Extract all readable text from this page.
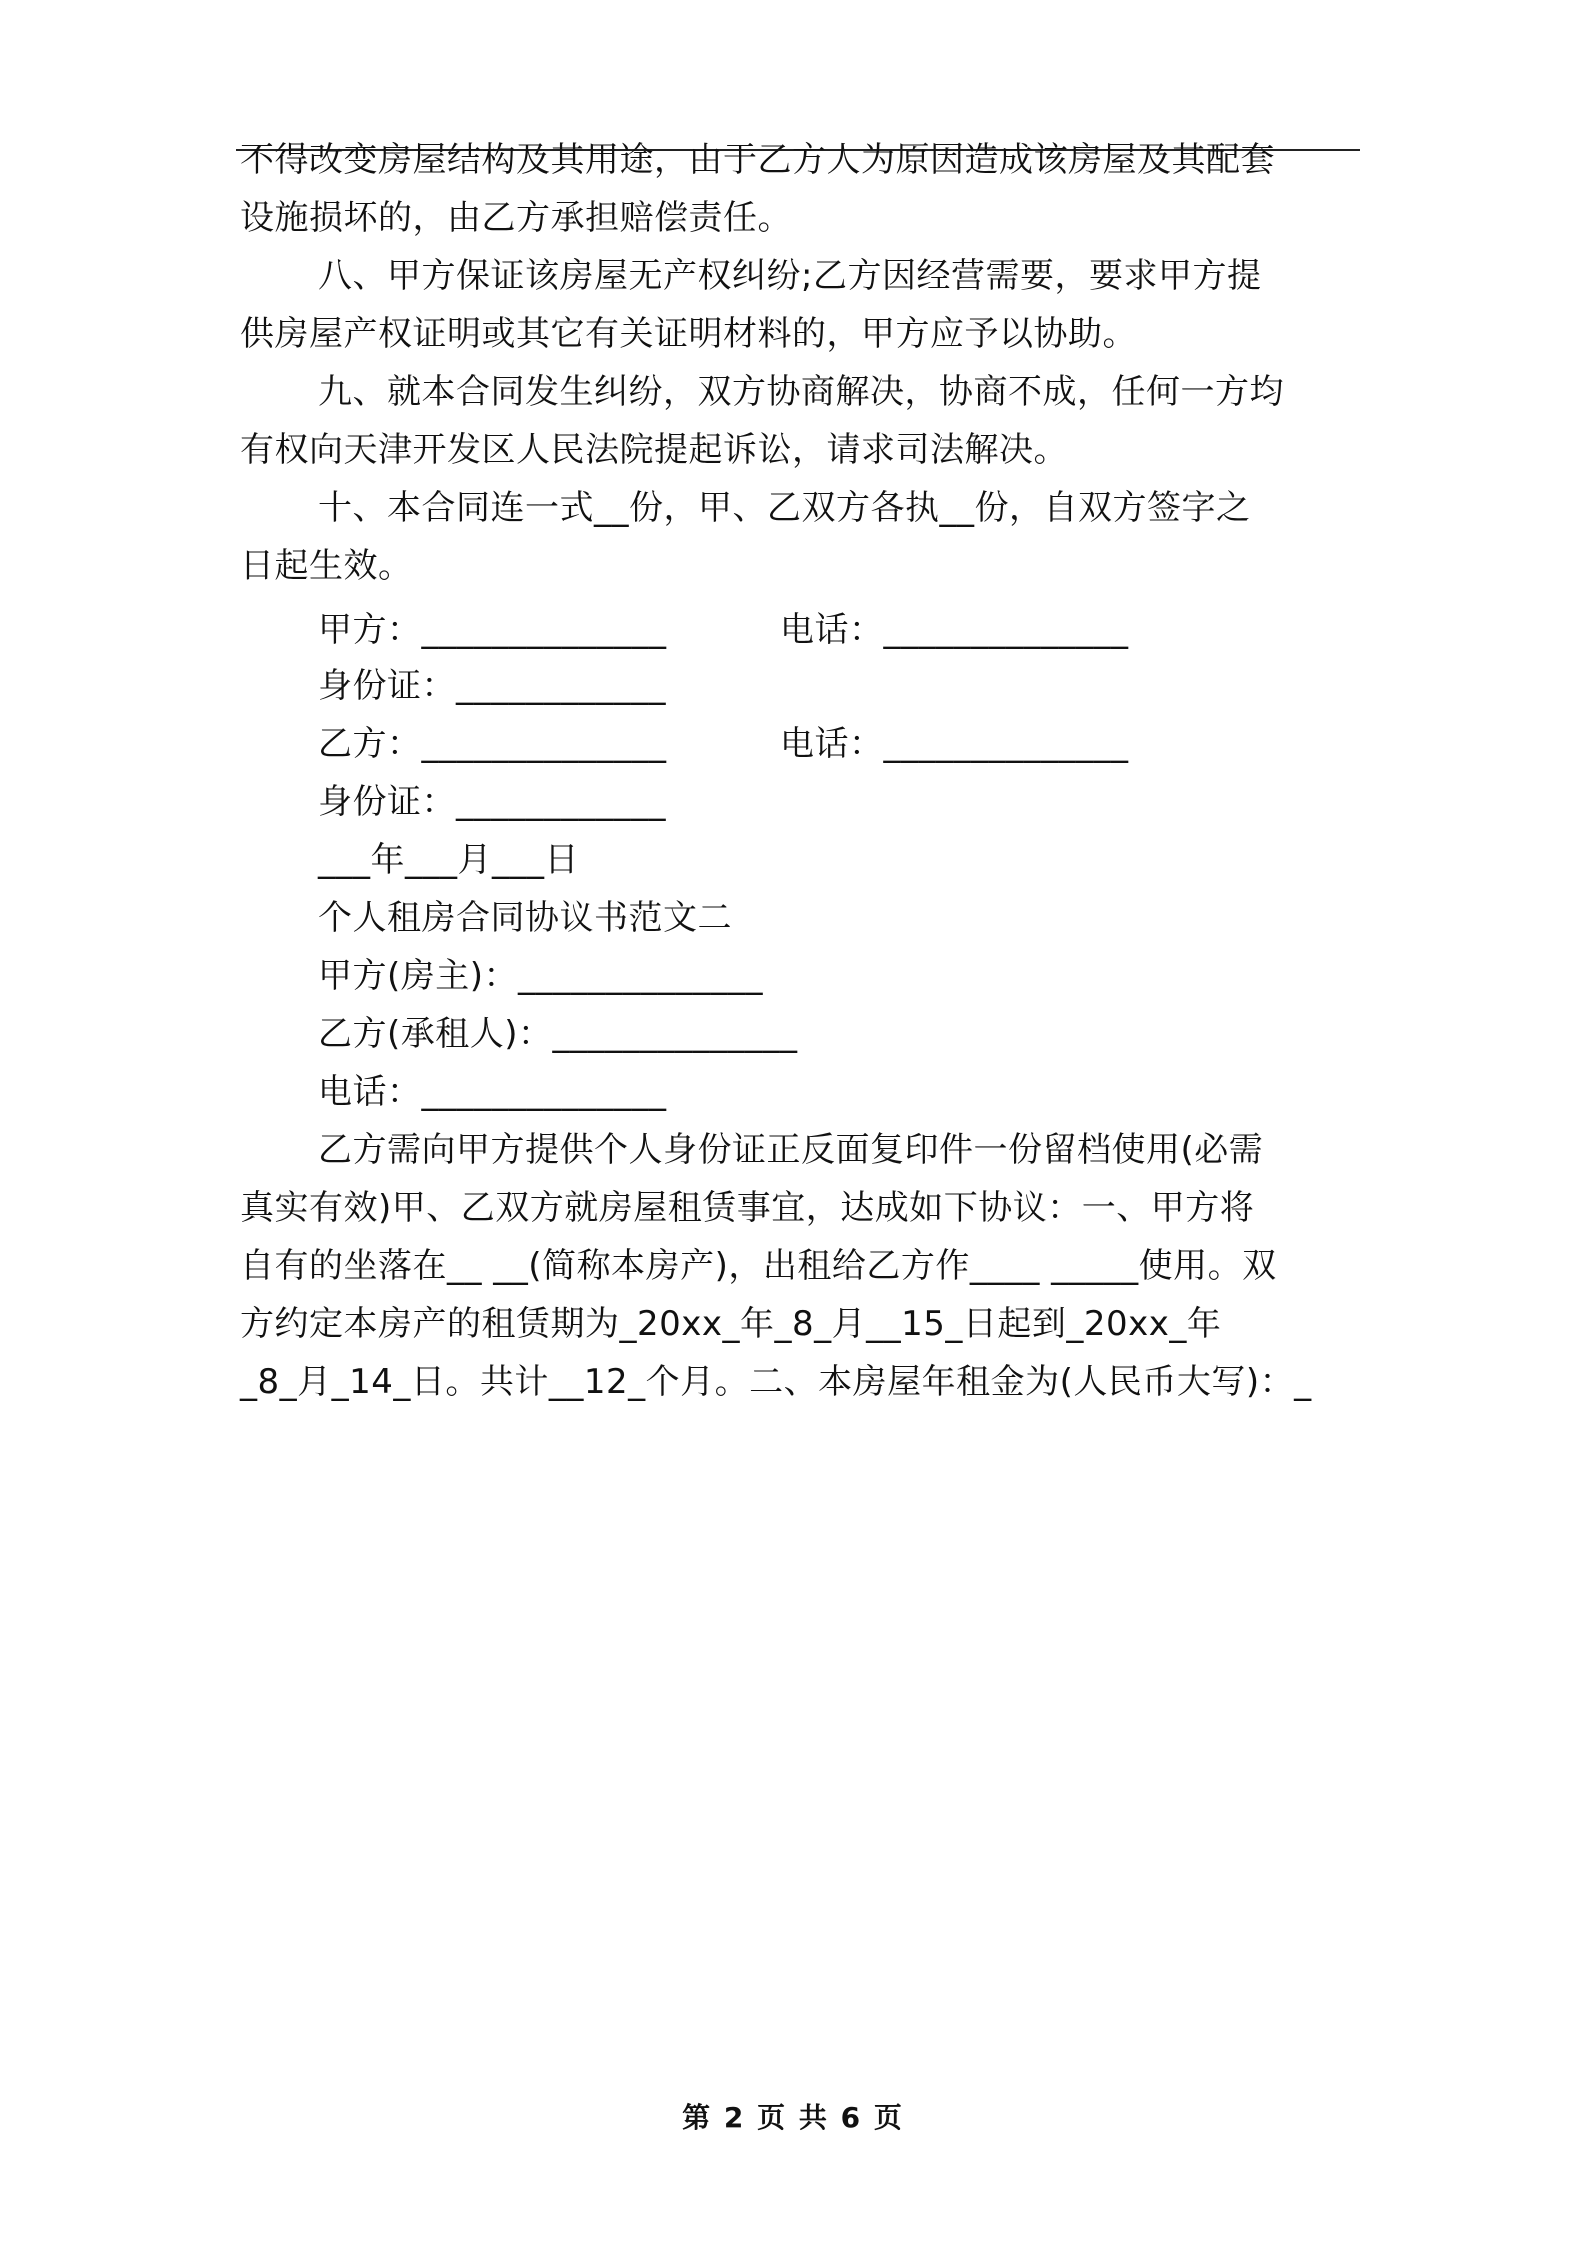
不得改变房屋结构及其用途，由于乙方人为原因造成该房屋及其配套
设施损坏的，由乙方承担赔偿责任。
八、甲方保证该房屋无产权纠纷;乙方因经营需要，要求甲方提
供房屋产权证明或其它有关证明材料的，甲方应予以协助。
九、就本合同发生纠纷，双方协商解决，协商不成，任何一方均
有权向天津开发区人民法院提起诉讼，请求司法解决。
十、本合同连一式__份，甲、乙双方各执__份，自双方签字之
日起生效。
甲方：______________	电话：______________
身份证：____________
乙方：______________	电话：______________
身份证：____________
___年___月___日
个人租房合同协议书范文二
甲方(房主)：______________
乙方(承租人)：______________
电话：______________
乙方需向甲方提供个人身份证正反面复印件一份留档使用(必需
真实有效)甲、乙双方就房屋租赁事宜，达成如下协议：一、甲方将
自有的坐落在__ __(简称本房产)，出租给乙方作____ _____使用。双
方约定本房产的租赁期为_20xx_年_8_月__15_日起到_20xx_年
_8_月_14_日。共计__12_个月。二、本房屋年租金为(人民币大写)：_
第 2 页 共 6 页
